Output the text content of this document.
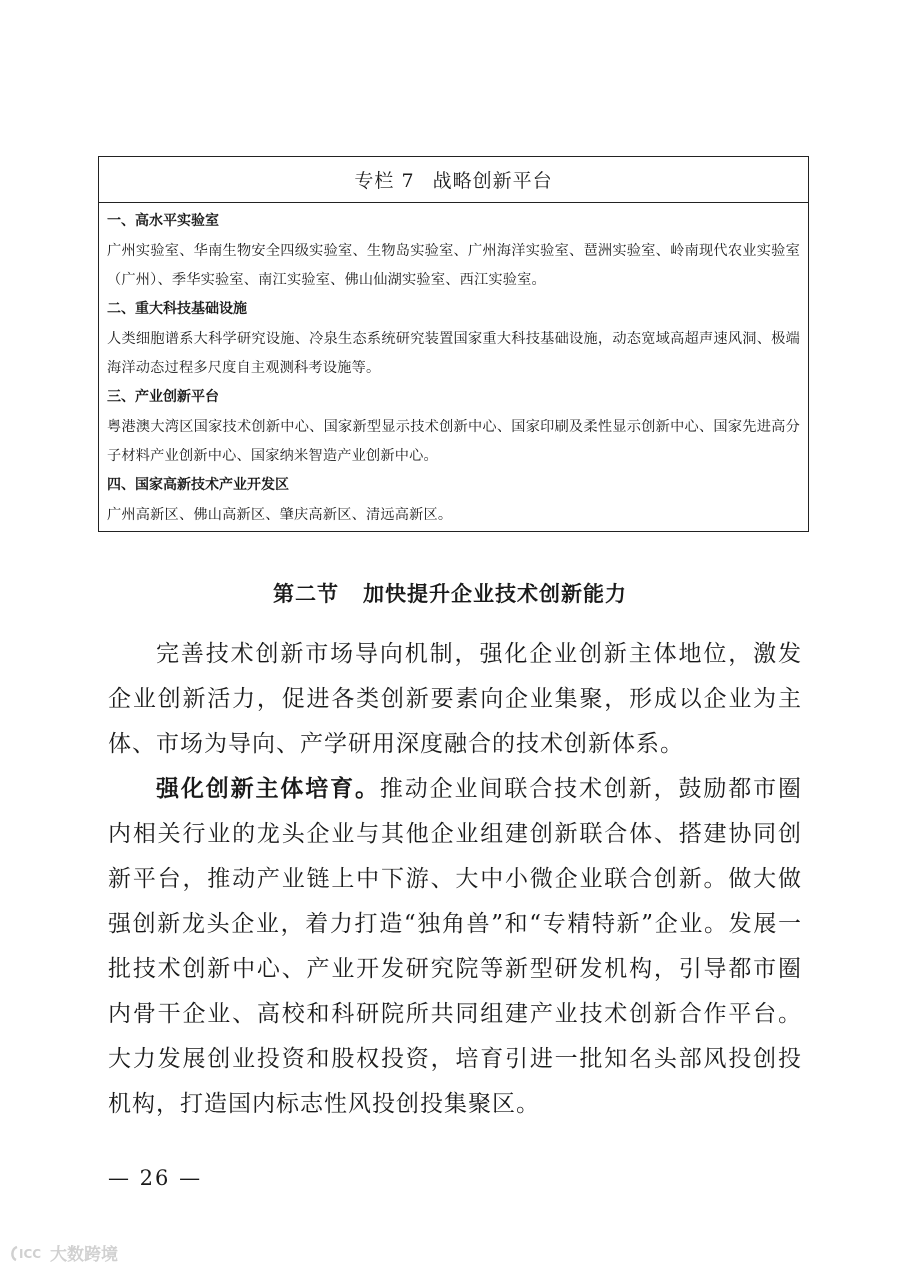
专栏 7 战略创新平台
一、高水平实验室
广州实验室、华南生物安全四级实验室、生物岛实验室、广州海洋实验室、琶洲实验室、岭南现代农业实验室（广州）、季华实验室、南江实验室、佛山仙湖实验室、西江实验室。
二、重大科技基础设施
人类细胞谱系大科学研究设施、冷泉生态系统研究装置国家重大科技基础设施，动态宽域高超声速风洞、极端海洋动态过程多尺度自主观测科考设施等。
三、产业创新平台
粤港澳大湾区国家技术创新中心、国家新型显示技术创新中心、国家印刷及柔性显示创新中心、国家先进高分子材料产业创新中心、国家纳米智造产业创新中心。
四、国家高新技术产业开发区
广州高新区、佛山高新区、肇庆高新区、清远高新区。
第二节 加快提升企业技术创新能力

完善技术创新市场导向机制，强化企业创新主体地位，激发企业创新活力，促进各类创新要素向企业集聚，形成以企业为主体、市场为导向、产学研用深度融合的技术创新体系。

强化创新主体培育。推动企业间联合技术创新，鼓励都市圈内相关行业的龙头企业与其他企业组建创新联合体、搭建协同创新平台，推动产业链上中下游、大中小微企业联合创新。做大做强创新龙头企业，着力打造“独角兽”和“专精特新”企业。发展一批技术创新中心、产业开发研究院等新型研发机构，引导都市圈内骨干企业、高校和科研院所共同组建产业技术创新合作平台。大力发展创业投资和股权投资，培育引进一批知名头部风投创投机构，打造国内标志性风投创投集聚区。

— 26 —
ICC 大数跨境
